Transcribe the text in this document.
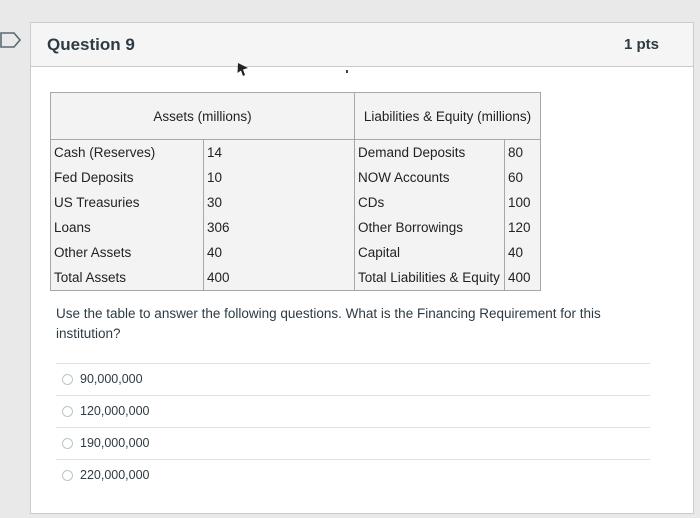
Question 9	1 pts
Assets (millions)		Liabilities & Equity (millions)	
Cash (Reserves)	14	Demand Deposits	80
Fed Deposits	10	NOW Accounts	60
US Treasuries	30	CDs	100
Loans	306	Other Borrowings	120
Other Assets	40	Capital	40
Total Assets	400	Total Liabilities & Equity	400
Use the table to answer the following questions. What is the Financing Requirement for this institution?
90,000,000
120,000,000
190,000,000
220,000,000
